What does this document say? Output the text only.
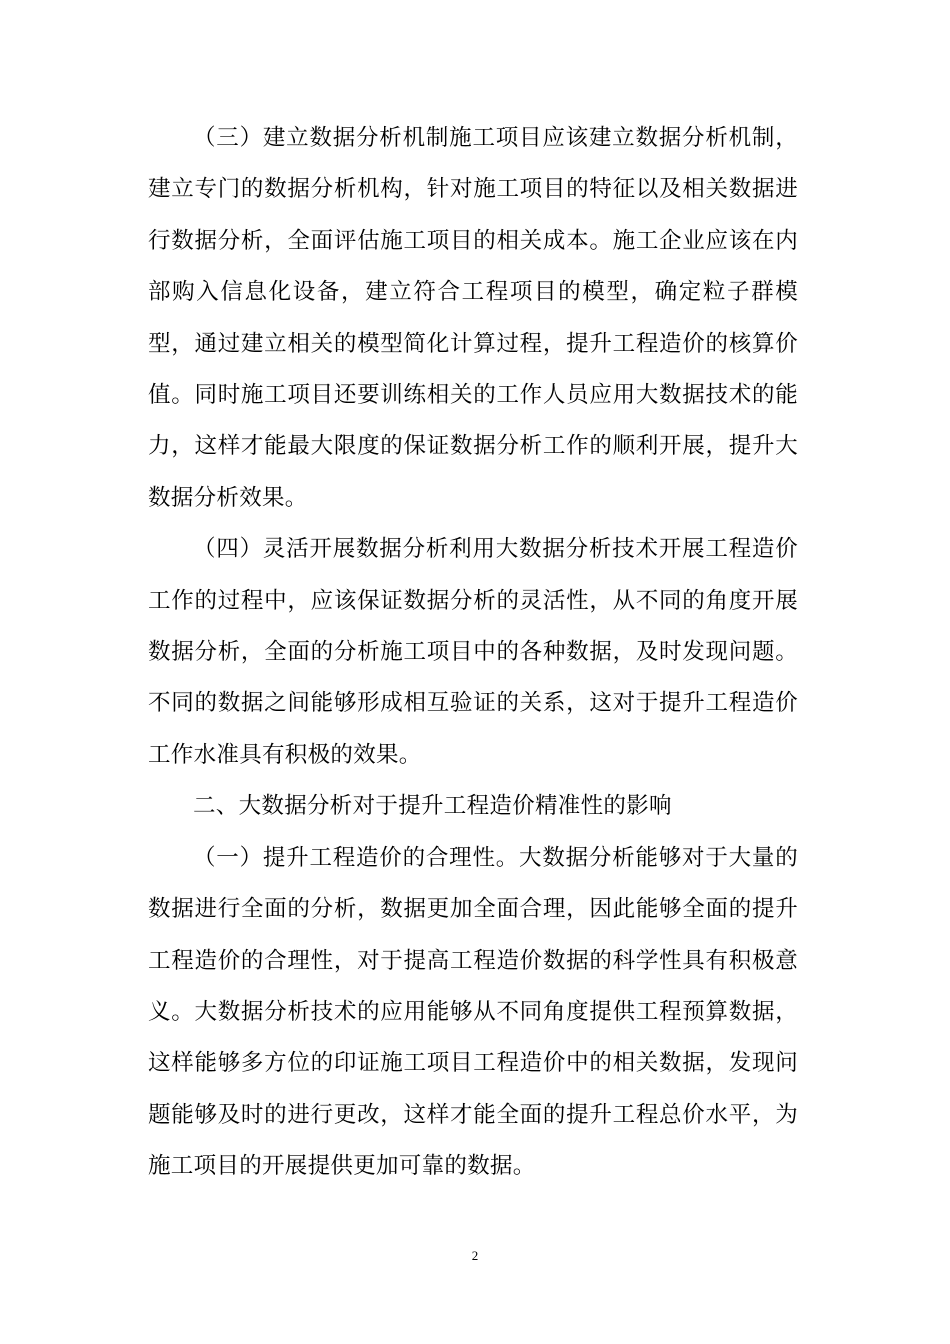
（三）建立数据分析机制施工项目应该建立数据分析机制，建立专门的数据分析机构，针对施工项目的特征以及相关数据进行数据分析，全面评估施工项目的相关成本。施工企业应该在内部购入信息化设备，建立符合工程项目的模型，确定粒子群模型，通过建立相关的模型简化计算过程，提升工程造价的核算价值。同时施工项目还要训练相关的工作人员应用大数据技术的能力，这样才能最大限度的保证数据分析工作的顺利开展，提升大数据分析效果。

（四）灵活开展数据分析利用大数据分析技术开展工程造价工作的过程中，应该保证数据分析的灵活性，从不同的角度开展数据分析，全面的分析施工项目中的各种数据，及时发现问题。不同的数据之间能够形成相互验证的关系，这对于提升工程造价工作水准具有积极的效果。

二、大数据分析对于提升工程造价精准性的影响

（一）提升工程造价的合理性。大数据分析能够对于大量的数据进行全面的分析，数据更加全面合理，因此能够全面的提升工程造价的合理性，对于提高工程造价数据的科学性具有积极意义。大数据分析技术的应用能够从不同角度提供工程预算数据，这样能够多方位的印证施工项目工程造价中的相关数据，发现问题能够及时的进行更改，这样才能全面的提升工程总价水平，为施工项目的开展提供更加可靠的数据。

2
